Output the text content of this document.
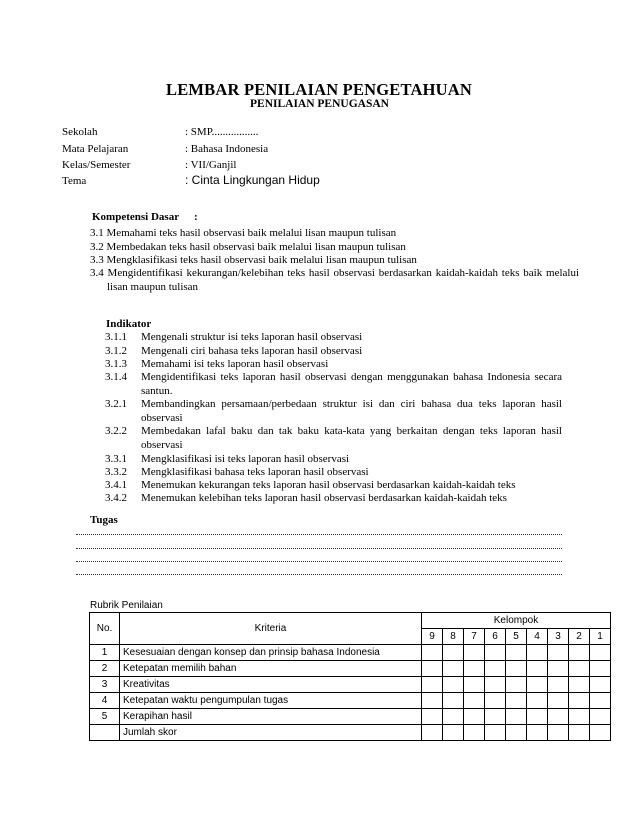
LEMBAR PENILAIAN PENGETAHUAN
PENILAIAN PENUGASAN
Sekolah	: SMP.................
Mata Pelajaran	: Bahasa Indonesia
Kelas/Semester	: VII/Ganjil
Tema	: Cinta Lingkungan Hidup
Kompetensi Dasar :
3.1 Memahami teks hasil observasi baik melalui lisan maupun tulisan
3.2 Membedakan teks hasil observasi baik melalui lisan maupun tulisan
3.3 Mengklasifikasi teks hasil observasi baik melalui lisan maupun tulisan
3.4 Mengidentifikasi kekurangan/kelebihan teks hasil observasi berdasarkan kaidah-kaidah teks baik melalui lisan maupun tulisan
Indikator
3.1.1 Mengenali struktur isi teks laporan hasil observasi
3.1.2 Mengenali ciri bahasa teks laporan hasil observasi
3.1.3 Memahami isi teks laporan hasil observasi
3.1.4 Mengidentifikasi teks laporan hasil observasi dengan menggunakan bahasa Indonesia secara santun.
3.2.1 Membandingkan persamaan/perbedaan struktur isi dan ciri bahasa dua teks laporan hasil observasi
3.2.2 Membedakan lafal baku dan tak baku kata-kata yang berkaitan dengan teks laporan hasil observasi
3.3.1 Mengklasifikasi isi teks laporan hasil observasi
3.3.2 Mengklasifikasi bahasa teks laporan hasil observasi
3.4.1 Menemukan kekurangan teks laporan hasil observasi berdasarkan kaidah-kaidah teks
3.4.2 Menemukan kelebihan teks laporan hasil observasi berdasarkan kaidah-kaidah teks
Tugas
Rubrik Penilaian
No.	Kriteria	Kelompok								
		9	8	7	6	5	4	3	2	1
1	Kesesuaian dengan konsep dan prinsip bahasa Indonesia									
2	Ketepatan memilih bahan									
3	Kreativitas									
4	Ketepatan waktu pengumpulan tugas									
5	Kerapihan hasil									
	Jumlah skor									
